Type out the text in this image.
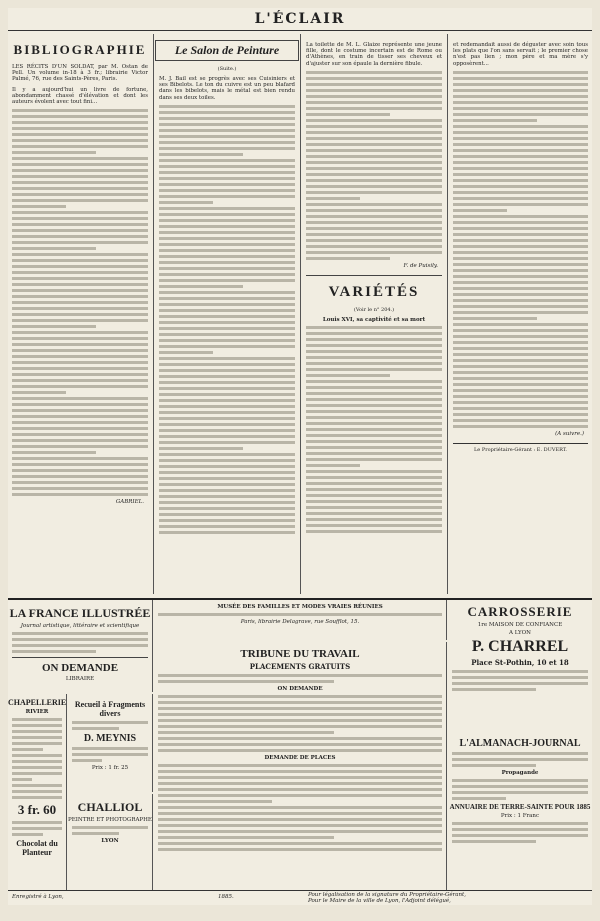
L'ÉCLAIR
BIBLIOGRAPHIE

LES RÉCITS D'UN SOLDAT, par M. Ostan de Pell. Un volume in-18 à 3 fr.; librairie Victor Palmé, 76, rue des Saints-Pères, Paris.

Il y a aujourd'hui un livre de fortune, abondamment chassé d'élévation et dont les auteurs évolent avec tout fini...

GABRIEL.

Le Salon de Peinture

(Suite.)

M. J. Bail est se progrès avec ses Cuisiniers et ses Bibelots. Le ton du cuivre est un peu blafard dans les bibelots, mais le métal est bien rendu dans ses deux toiles.

La toilette de M. L. Glaize représente une jeune fille, dont le costume incertain est de Rome ou d'Athènes, en train de tisser ses cheveux et d'ajuster sur son épaule la dernière fibule.

F. de Puisily.

VARIÉTÉS

(Voir le n° 204.)

Louis XVI, sa captivité et sa mort

et redemandait aussi de déguster avec soin tous les plats que l'on sans servait ; le premier chose n'est pas lien ; mon père et ma mère s'y opposèrent...

(A suivre.)

Le Propriétaire-Gérant : E. DUVERT.
LA FRANCE ILLUSTRÉE
Journal artistique, littéraire et scientifique
ON DEMANDE
LIBRAIRE
CHAPELLERIE
RIVIER
3 fr. 60
Chocolat du Planteur
Recueil à Fragments divers
D. MEYNIS
Prix : 1 fr. 25
CHALLIOL
PEINTRE ET PHOTOGRAPHE
LYON
MUSÉE DES FAMILLES ET MODES VRAIES RÉUNIES
Paris, librairie Delagrave, rue Soufflot, 15.
TRIBUNE DU TRAVAIL
PLACEMENTS GRATUITS
ON DEMANDE
DEMANDE DE PLACES
CARROSSERIE
1re MAISON DE CONFIANCE
A LYON
P. CHARREL
Place St-Pothin, 10 et 18
L'ALMANACH-JOURNAL
Propagande
ANNUAIRE DE TERRE-SAINTE POUR 1885
Prix : 1 Franc
Enregistré à Lyon,	1885.	Pour légalisation de la signature du Propriétaire-Gérant,
Pour le Maire de la ville de Lyon, l'Adjoint délégué,
